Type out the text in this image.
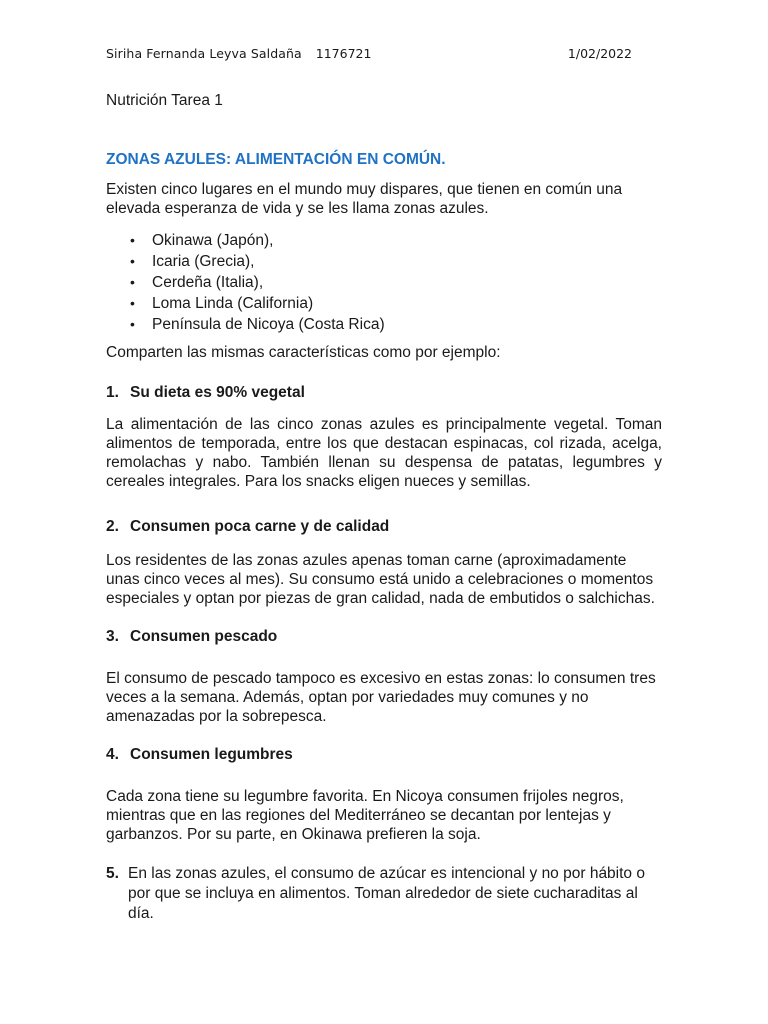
Siriha Fernanda Leyva Saldaña 1176721	1/02/2022
Nutrición Tarea 1
ZONAS AZULES: ALIMENTACIÓN EN COMÚN.
Existen cinco lugares en el mundo muy dispares, que tienen en común una elevada esperanza de vida y se les llama zonas azules.
• Okinawa (Japón),
• Icaria (Grecia),
• Cerdeña (Italia),
• Loma Linda (California)
• Península de Nicoya (Costa Rica)
Comparten las mismas características como por ejemplo:
1. Su dieta es 90% vegetal
La alimentación de las cinco zonas azules es principalmente vegetal. Toman alimentos de temporada, entre los que destacan espinacas, col rizada, acelga, remolachas y nabo. También llenan su despensa de patatas, legumbres y cereales integrales. Para los snacks eligen nueces y semillas.
2. Consumen poca carne y de calidad
Los residentes de las zonas azules apenas toman carne (aproximadamente unas cinco veces al mes). Su consumo está unido a celebraciones o momentos especiales y optan por piezas de gran calidad, nada de embutidos o salchichas.
3. Consumen pescado
El consumo de pescado tampoco es excesivo en estas zonas: lo consumen tres veces a la semana. Además, optan por variedades muy comunes y no amenazadas por la sobrepesca.
4. Consumen legumbres
Cada zona tiene su legumbre favorita. En Nicoya consumen frijoles negros, mientras que en las regiones del Mediterráneo se decantan por lentejas y garbanzos. Por su parte, en Okinawa prefieren la soja.
5. En las zonas azules, el consumo de azúcar es intencional y no por hábito o por que se incluya en alimentos. Toman alrededor de siete cucharaditas al día.
